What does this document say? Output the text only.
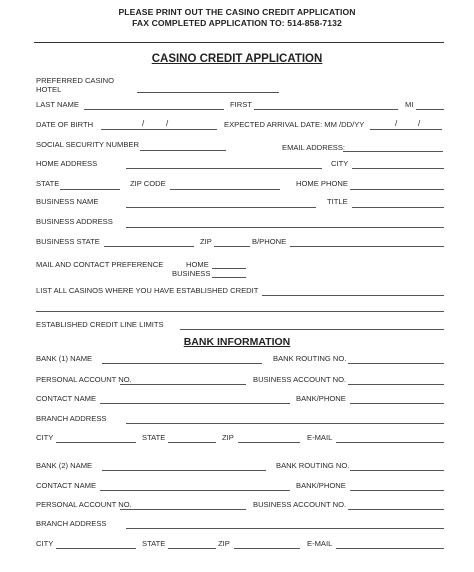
PLEASE PRINT OUT THE CASINO CREDIT APPLICATION
FAX COMPLETED APPLICATION TO: 514-858-7132
CASINO CREDIT APPLICATION
PREFERRED CASINO
HOTEL
LAST NAME	FIRST	MI
DATE OF BIRTH	/	/	EXPECTED ARRIVAL DATE: MM /DD/YY	/	/
SOCIAL SECURITY NUMBER	EMAIL ADDRESS:
HOME ADDRESS	CITY
STATE	ZIP CODE	HOME PHONE
BUSINESS NAME	TITLE
BUSINESS ADDRESS
BUSINESS STATE	ZIP	B/PHONE
MAIL AND CONTACT PREFERENCE	HOME
BUSINESS
LIST ALL CASINOS WHERE YOU HAVE ESTABLISHED CREDIT
ESTABLISHED CREDIT LINE LIMITS
BANK INFORMATION
BANK (1) NAME	BANK ROUTING NO.
PERSONAL ACCOUNT NO.	BUSINESS ACCOUNT NO.
CONTACT NAME	BANK/PHONE
BRANCH ADDRESS
CITY	STATE	ZIP	E-MAIL
BANK (2) NAME	BANK ROUTING NO.
CONTACT NAME	BANK/PHONE
PERSONAL ACCOUNT NO.	BUSINESS ACCOUNT NO.
BRANCH ADDRESS
CITY	STATE	ZIP	E-MAIL
